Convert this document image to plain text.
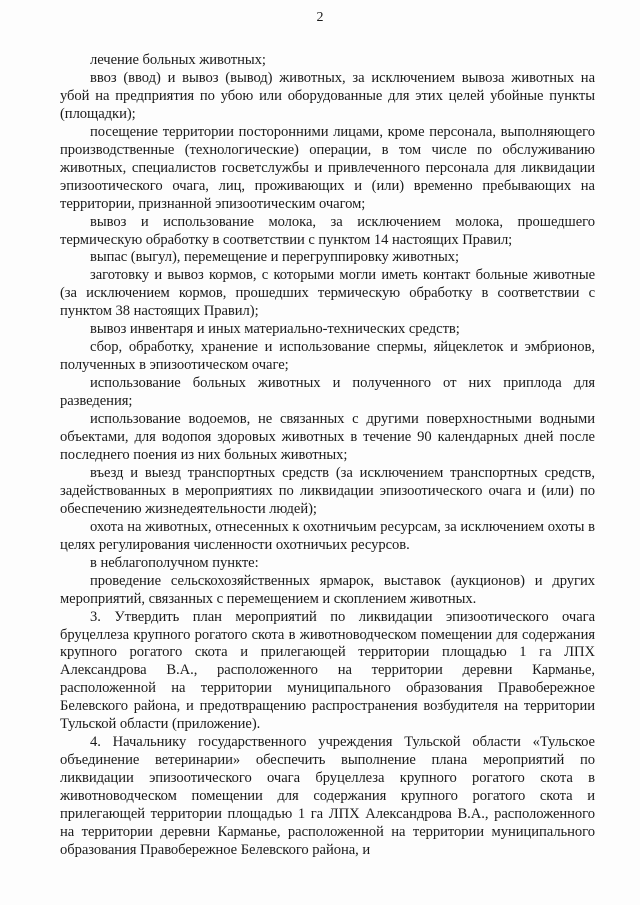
2

лечение больных животных;

ввоз (ввод) и вывоз (вывод) животных, за исключением вывоза животных на убой на предприятия по убою или оборудованные для этих целей убойные пункты (площадки);

посещение территории посторонними лицами, кроме персонала, выполняющего производственные (технологические) операции, в том числе по обслуживанию животных, специалистов госветслужбы и привлеченного персонала для ликвидации эпизоотического очага, лиц, проживающих и (или) временно пребывающих на территории, признанной эпизоотическим очагом;

вывоз и использование молока, за исключением молока, прошедшего термическую обработку в соответствии с пунктом 14 настоящих Правил;

выпас (выгул), перемещение и перегруппировку животных;

заготовку и вывоз кормов, с которыми могли иметь контакт больные животные (за исключением кормов, прошедших термическую обработку в соответствии с пунктом 38 настоящих Правил);

вывоз инвентаря и иных материально-технических средств;

сбор, обработку, хранение и использование спермы, яйцеклеток и эмбрионов, полученных в эпизоотическом очаге;

использование больных животных и полученного от них приплода для разведения;

использование водоемов, не связанных с другими поверхностными водными объектами, для водопоя здоровых животных в течение 90 календарных дней после последнего поения из них больных животных;

въезд и выезд транспортных средств (за исключением транспортных средств, задействованных в мероприятиях по ликвидации эпизоотического очага и (или) по обеспечению жизнедеятельности людей);

охота на животных, отнесенных к охотничьим ресурсам, за исключением охоты в целях регулирования численности охотничьих ресурсов.

в неблагополучном пункте:

проведение сельскохозяйственных ярмарок, выставок (аукционов) и других мероприятий, связанных с перемещением и скоплением животных.

3. Утвердить план мероприятий по ликвидации эпизоотического очага бруцеллеза крупного рогатого скота в животноводческом помещении для содержания крупного рогатого скота и прилегающей территории площадью 1 га ЛПХ Александрова В.А., расположенного на территории деревни Карманье, расположенной на территории муниципального образования Правобережное Белевского района, и предотвращению распространения возбудителя на территории Тульской области (приложение).

4. Начальнику государственного учреждения Тульской области «Тульское объединение ветеринарии» обеспечить выполнение плана мероприятий по ликвидации эпизоотического очага бруцеллеза крупного рогатого скота в животноводческом помещении для содержания крупного рогатого скота и прилегающей территории площадью 1 га ЛПХ Александрова В.А., расположенного на территории деревни Карманье, расположенной на территории муниципального образования Правобережное Белевского района, и
